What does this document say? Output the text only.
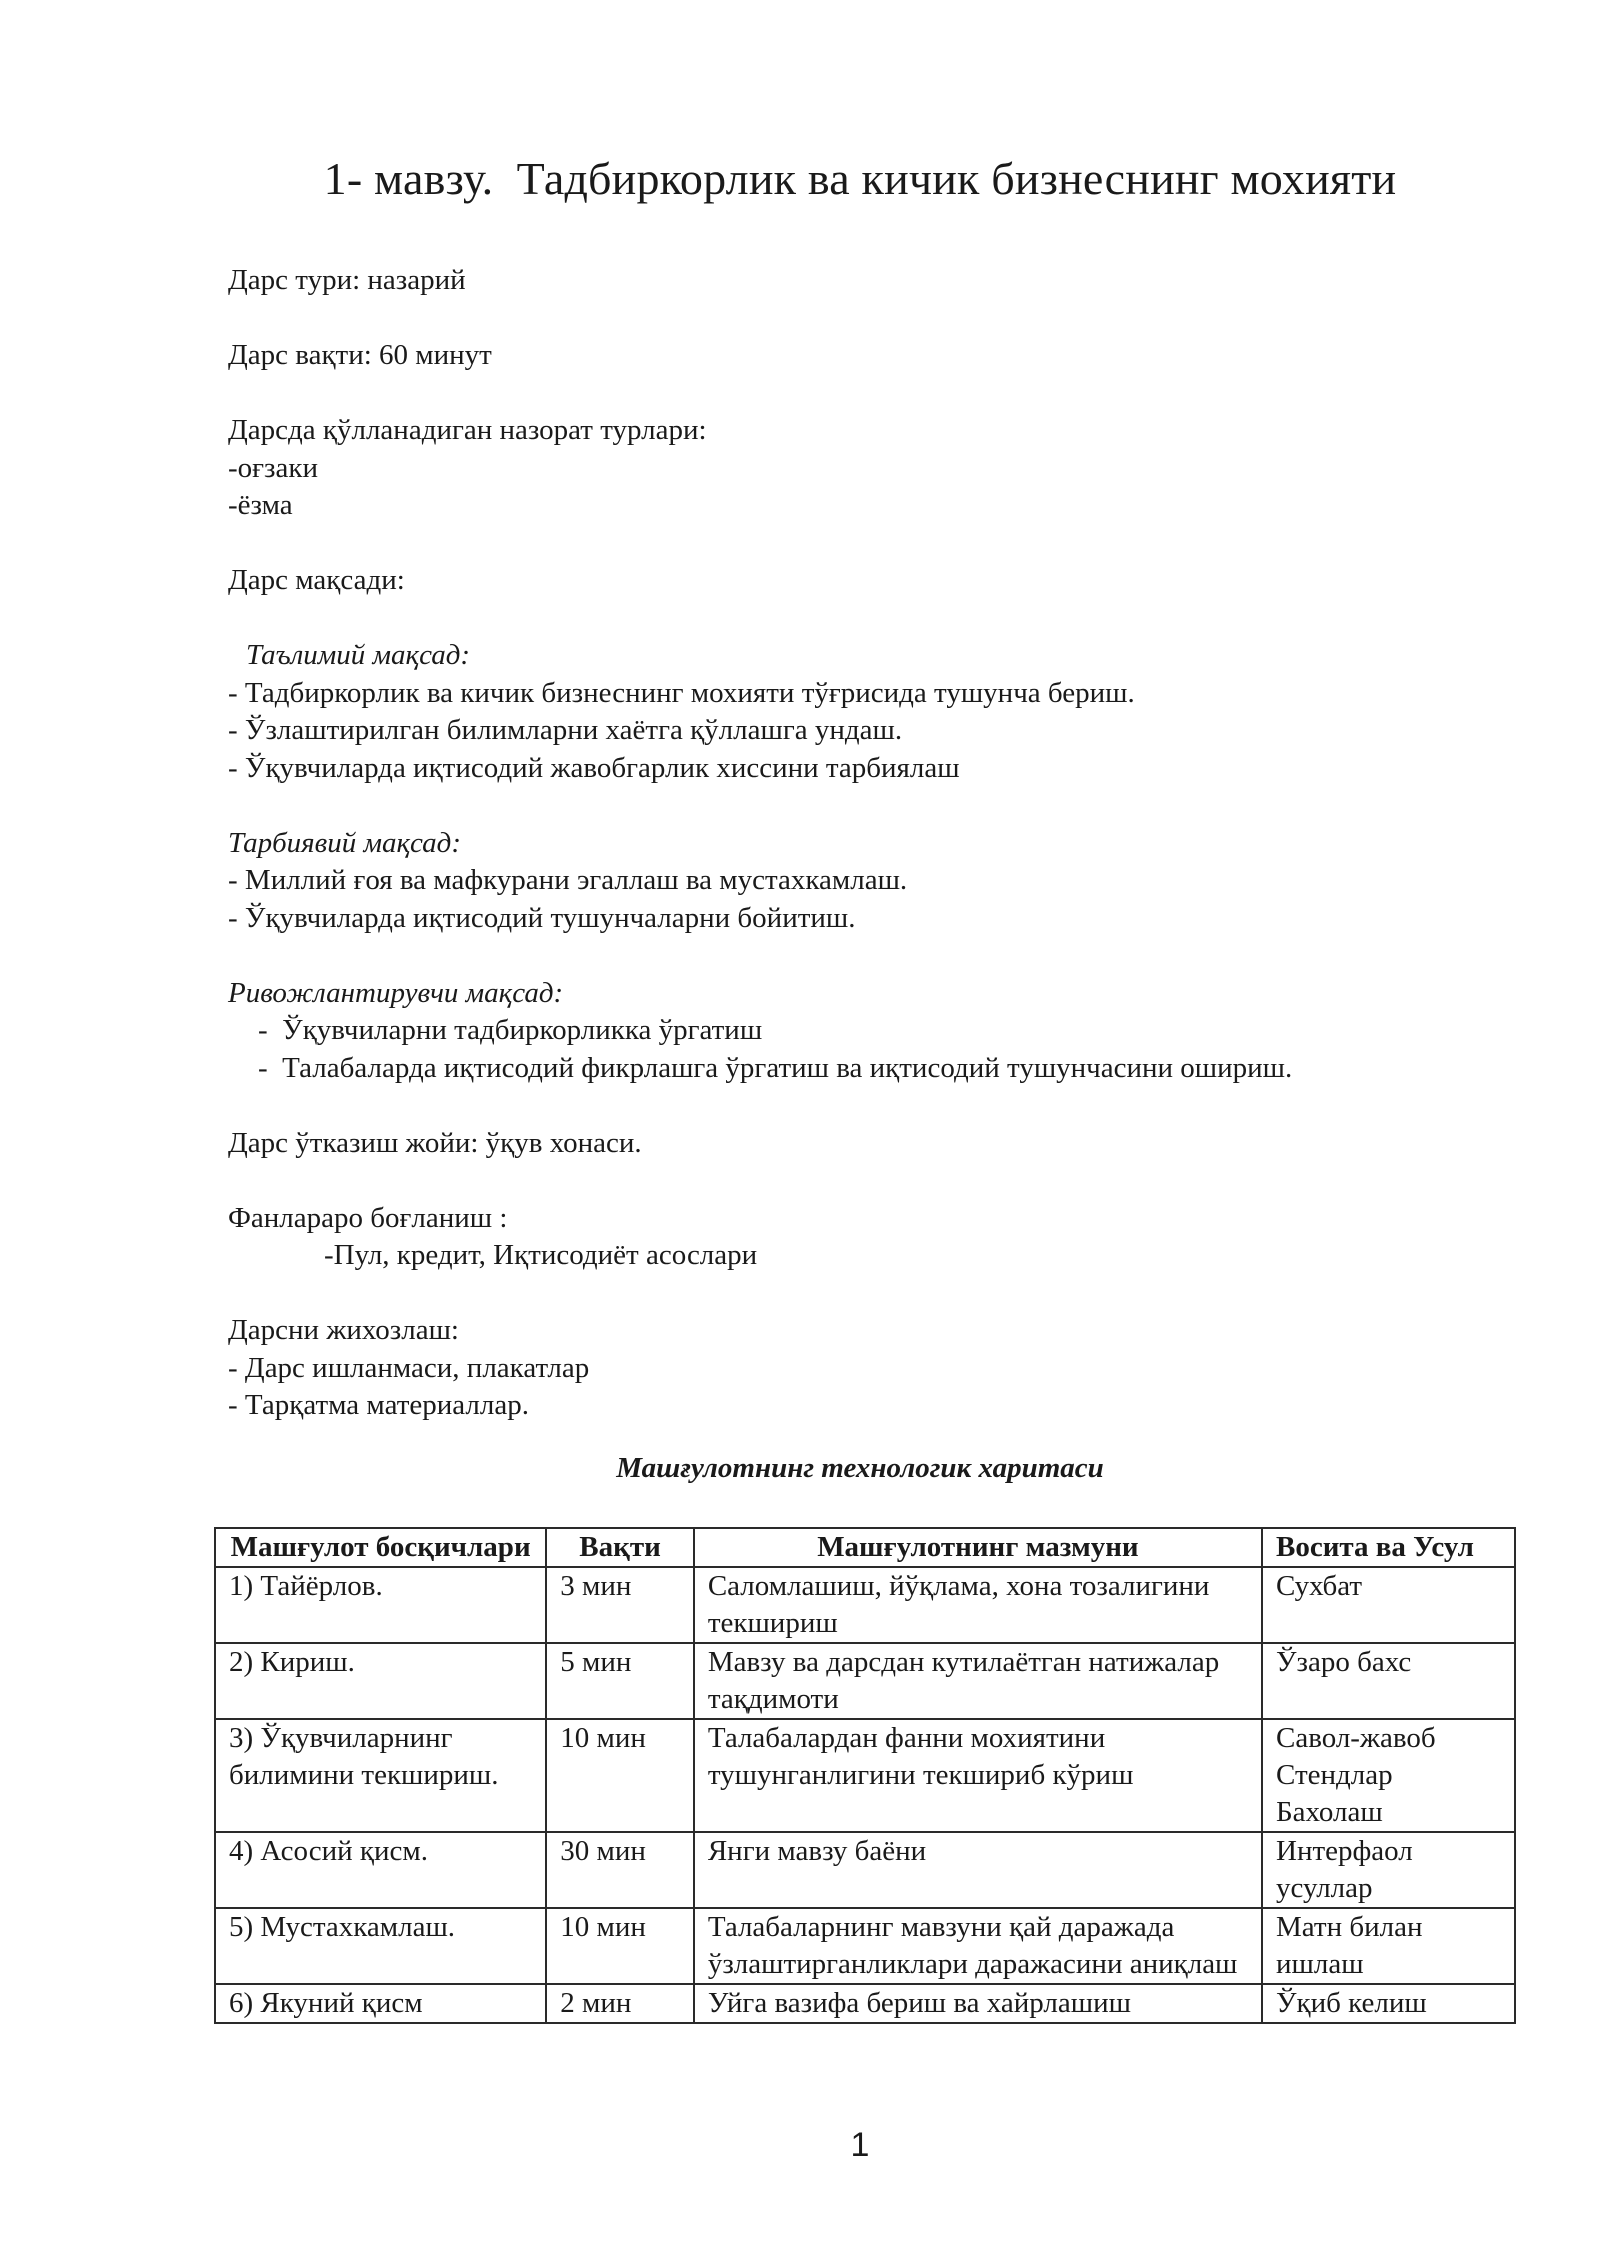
1- мавзу.  Тадбиркорлик ва кичик бизнеснинг мохияти
Дарс тури: назарий
Дарс вақти: 60 минут
Дарсда қўлланадиган назорат турлари:
-оғзаки
-ёзма
Дарс мақсади:
Таълимий мақсад:
- Тадбиркорлик ва кичик бизнеснинг мохияти тўғрисида тушунча бериш.
- Ўзлаштирилган билимларни хаётга қўллашга ундаш.
- Ўқувчиларда иқтисодий жавобгарлик хиссини тарбиялаш
Тарбиявий мақсад:
- Миллий ғоя ва мафкурани эгаллаш ва мустахкамлаш.
- Ўқувчиларда иқтисодий тушунчаларни бойитиш.
Ривожлантирувчи мақсад:
-  Ўқувчиларни тадбиркорликка ўргатиш
-  Талабаларда иқтисодий фикрлашга ўргатиш ва иқтисодий тушунчасини ошириш.
Дарс ўтказиш жойи: ўқув хонаси.
Фанлараро боғланиш :
-Пул, кредит, Иқтисодиёт асослари
Дарсни жихозлаш:
- Дарс ишланмаси, плакатлар
- Тарқатма материаллар.
Машғулотнинг технологик харитаси
Машғулот босқичлари	Вақти	Машғулотнинг мазмуни	Восита ва Усул
1) Тайёрлов.	3 мин	Саломлашиш, йўқлама, хона тозалигини текшириш	Сухбат
2) Кириш.	5 мин	Мавзу ва дарсдан кутилаётган натижалар тақдимоти	Ўзаро бахс
3) Ўқувчиларнинг билимини текшириш.	10 мин	Талабалардан фанни мохиятини тушунганлигини текшириб кўриш	Савол-жавоб Стендлар Бахолаш
4) Асосий қисм.	30 мин	Янги мавзу баёни	Интерфаол усуллар
5) Мустахкамлаш.	10 мин	Талабаларнинг мавзуни қай даражада ўзлаштирганликлари даражасини аниқлаш	Матн билан ишлаш
6) Якуний қисм	2 мин	Уйга вазифа бериш ва хайрлашиш	Ўқиб келиш
1
